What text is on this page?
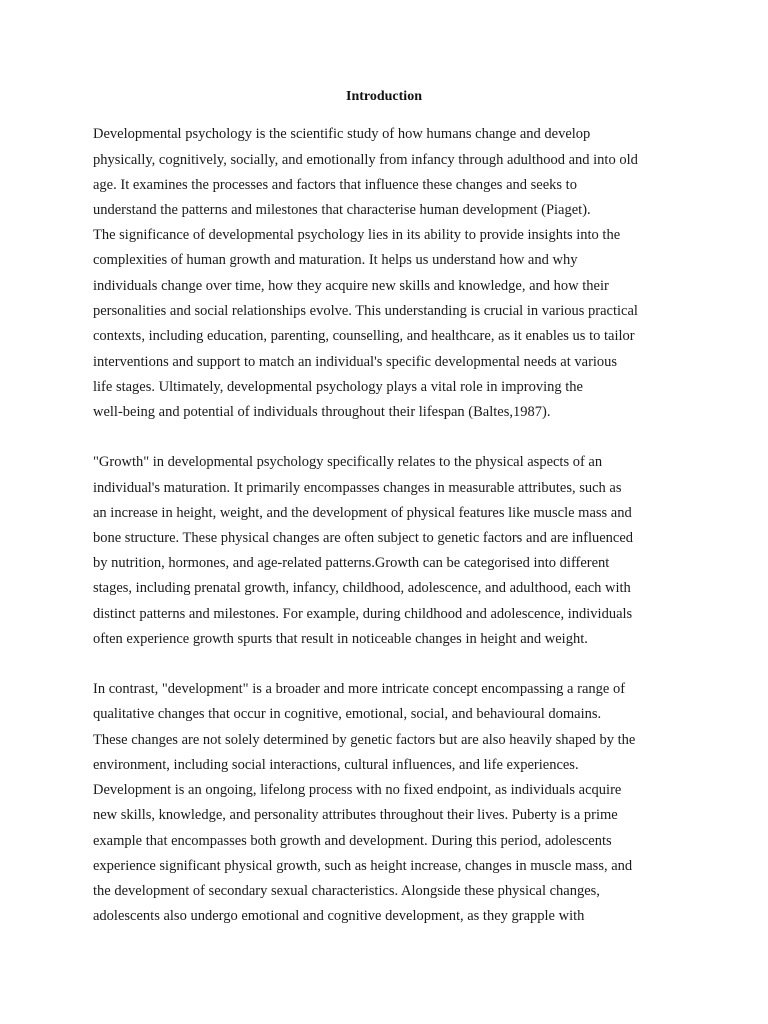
Introduction

Developmental psychology is the scientific study of how humans change and develop

physically, cognitively, socially, and emotionally from infancy through adulthood and into old

age. It examines the processes and factors that influence these changes and seeks to

understand the patterns and milestones that characterise human development (Piaget).

The significance of developmental psychology lies in its ability to provide insights into the

complexities of human growth and maturation. It helps us understand how and why

individuals change over time, how they acquire new skills and knowledge, and how their

personalities and social relationships evolve. This understanding is crucial in various practical

contexts, including education, parenting, counselling, and healthcare, as it enables us to tailor

interventions and support to match an individual's specific developmental needs at various

life stages. Ultimately, developmental psychology plays a vital role in improving the

well-being and potential of individuals throughout their lifespan (Baltes,1987).

"Growth" in developmental psychology specifically relates to the physical aspects of an

individual's maturation. It primarily encompasses changes in measurable attributes, such as

an increase in height, weight, and the development of physical features like muscle mass and

bone structure. These physical changes are often subject to genetic factors and are influenced

by nutrition, hormones, and age-related patterns.Growth can be categorised into different

stages, including prenatal growth, infancy, childhood, adolescence, and adulthood, each with

distinct patterns and milestones. For example, during childhood and adolescence, individuals

often experience growth spurts that result in noticeable changes in height and weight.

In contrast, "development" is a broader and more intricate concept encompassing a range of

qualitative changes that occur in cognitive, emotional, social, and behavioural domains.

These changes are not solely determined by genetic factors but are also heavily shaped by the

environment, including social interactions, cultural influences, and life experiences.

Development is an ongoing, lifelong process with no fixed endpoint, as individuals acquire

new skills, knowledge, and personality attributes throughout their lives. Puberty is a prime

example that encompasses both growth and development. During this period, adolescents

experience significant physical growth, such as height increase, changes in muscle mass, and

the development of secondary sexual characteristics. Alongside these physical changes,

adolescents also undergo emotional and cognitive development, as they grapple with
